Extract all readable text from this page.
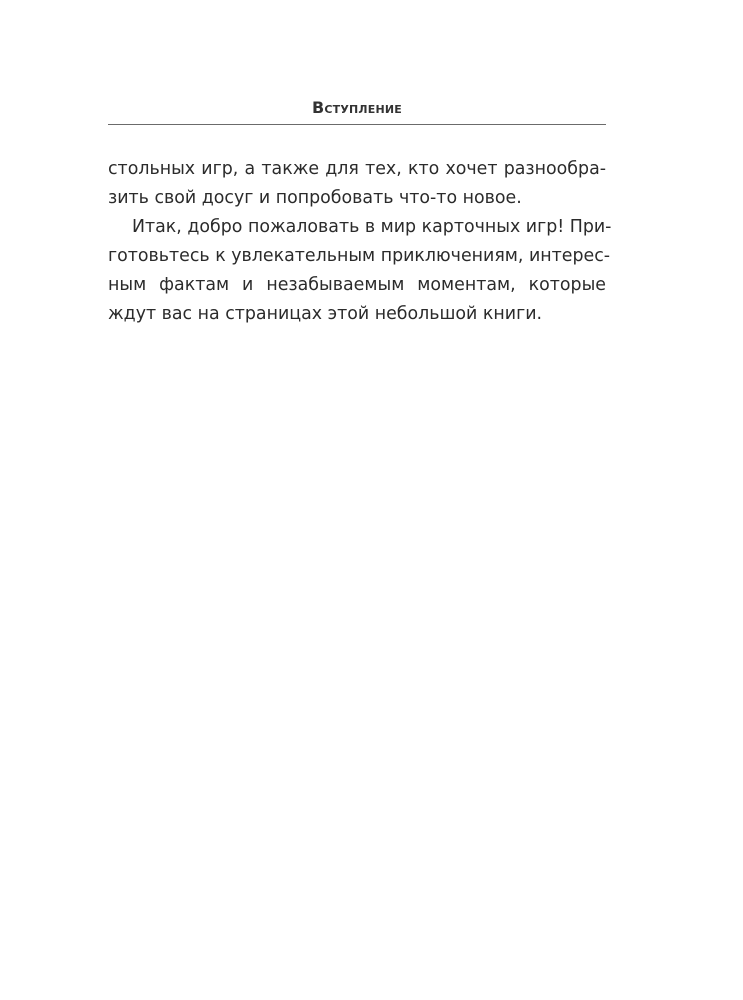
Вступление
стольных игр, а также для тех, кто хочет разнообра-
зить свой досуг и попробовать что-то новое.
Итак, добро пожаловать в мир карточных игр! При-
готовьтесь к увлекательным приключениям, интерес-
ным фактам и незабываемым моментам, которые
ждут вас на страницах этой небольшой книги.
